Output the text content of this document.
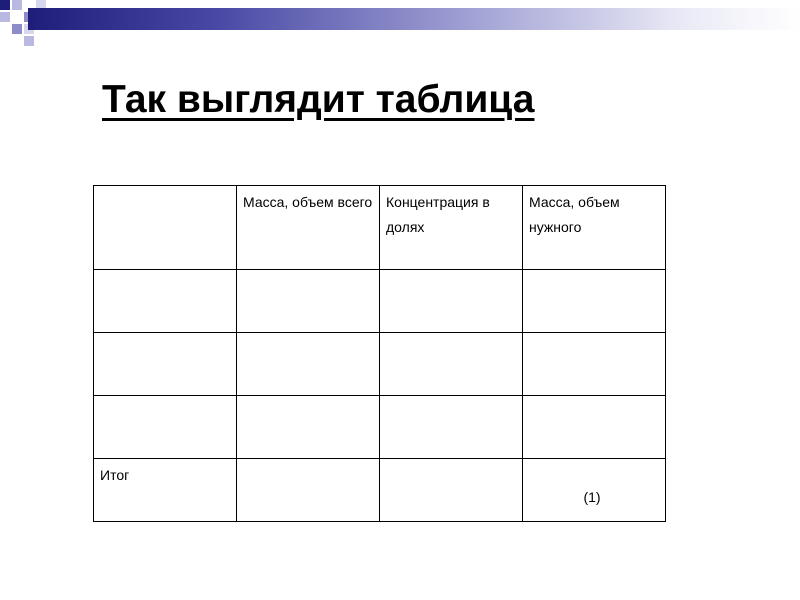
Так выглядит таблица

	Масса, объем всего	Концентрация в долях	Масса, объем нужного

Итог			(1)
